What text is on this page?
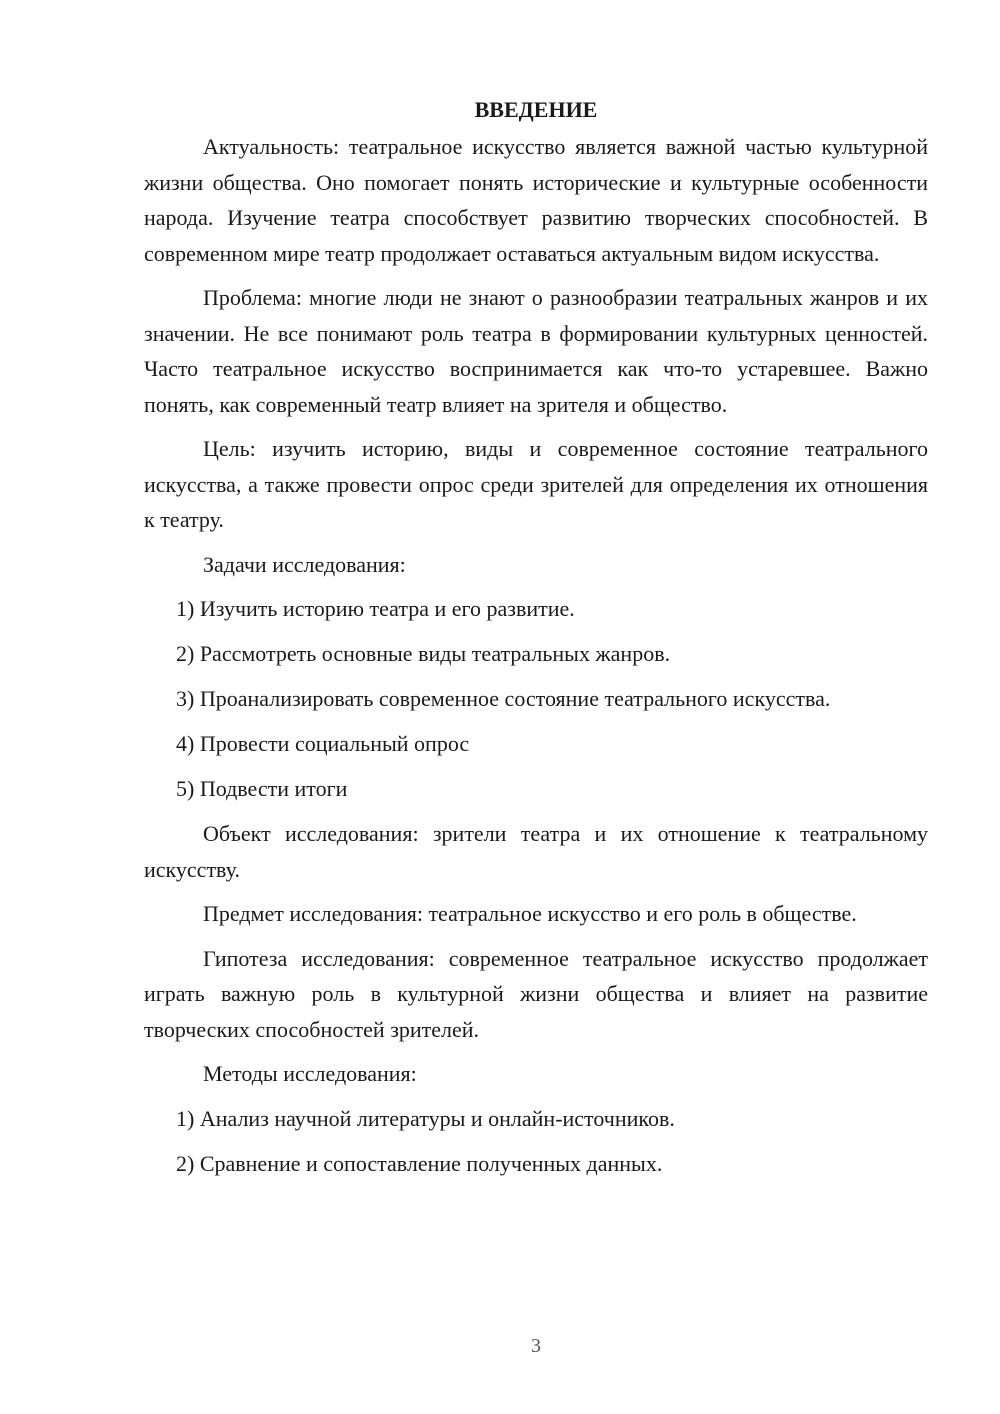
ВВЕДЕНИЕ

Актуальность: театральное искусство является важной частью культурной жизни общества. Оно помогает понять исторические и культурные особенности народа. Изучение театра способствует развитию творческих способностей. В современном мире театр продолжает оставаться актуальным видом искусства.

Проблема: многие люди не знают о разнообразии театральных жанров и их значении. Не все понимают роль театра в формировании культурных ценностей. Часто театральное искусство воспринимается как что-то устаревшее. Важно понять, как современный театр влияет на зрителя и общество.

Цель: изучить историю, виды и современное состояние театрального искусства, а также провести опрос среди зрителей для определения их отношения к театру.

Задачи исследования:

1) Изучить историю театра и его развитие.
2) Рассмотреть основные виды театральных жанров.
3) Проанализировать современное состояние театрального искусства.
4) Провести социальный опрос
5) Подвести итоги

Объект исследования: зрители театра и их отношение к театральному искусству.

Предмет исследования: театральное искусство и его роль в обществе.

Гипотеза исследования: современное театральное искусство продолжает играть важную роль в культурной жизни общества и влияет на развитие творческих способностей зрителей.

Методы исследования:

1) Анализ научной литературы и онлайн-источников.
2) Сравнение и сопоставление полученных данных.
3
